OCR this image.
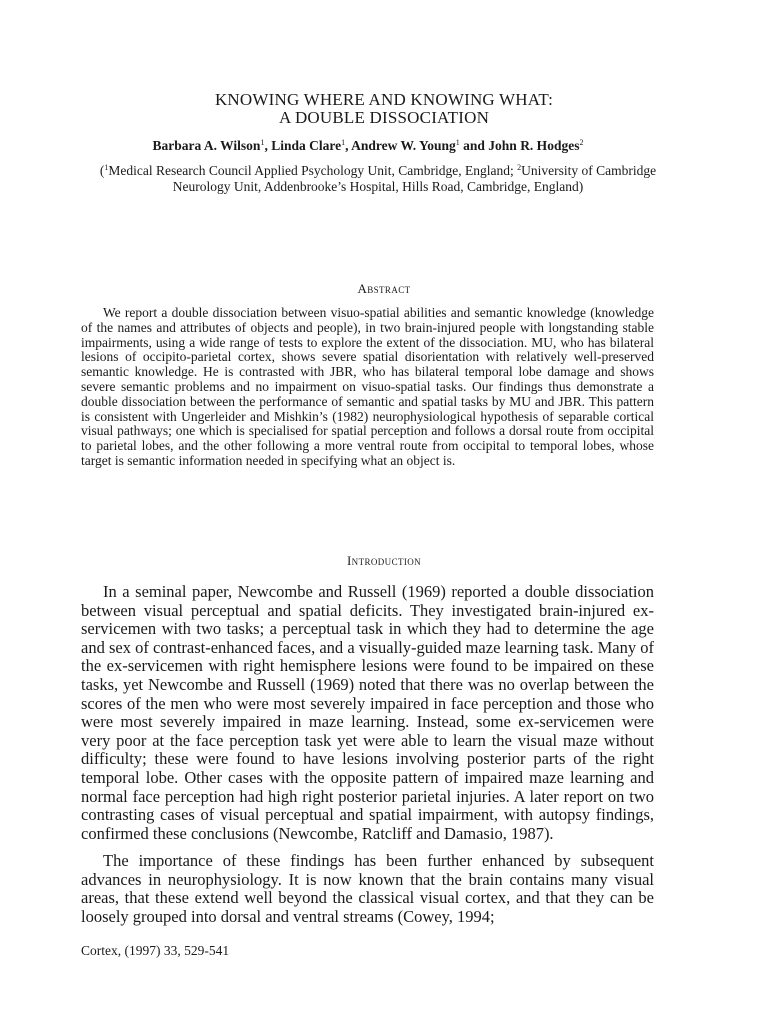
KNOWING WHERE AND KNOWING WHAT:
A DOUBLE DISSOCIATION
Barbara A. Wilson$^1$, Linda Clare$^1$, Andrew W. Young$^1$ and John R. Hodges$^2$
($^1$Medical Research Council Applied Psychology Unit, Cambridge, England; $^2$University of Cambridge Neurology Unit, Addenbrooke’s Hospital, Hills Road, Cambridge, England)
Abstract

We report a double dissociation between visuo-spatial abilities and semantic knowledge (knowledge of the names and attributes of objects and people), in two brain-injured people with longstanding stable impairments, using a wide range of tests to explore the extent of the dissociation. MU, who has bilateral lesions of occipito-parietal cortex, shows severe spatial disorientation with relatively well-preserved semantic knowledge. He is contrasted with JBR, who has bilateral temporal lobe damage and shows severe semantic problems and no impairment on visuo-spatial tasks. Our findings thus demonstrate a double dissociation between the performance of semantic and spatial tasks by MU and JBR. This pattern is consistent with Ungerleider and Mishkin’s (1982) neurophysiological hypothesis of separable cortical visual pathways; one which is specialised for spatial perception and follows a dorsal route from occipital to parietal lobes, and the other following a more ventral route from occipital to temporal lobes, whose target is semantic information needed in specifying what an object is.

Introduction

In a seminal paper, Newcombe and Russell (1969) reported a double dissociation between visual perceptual and spatial deficits. They investigated brain-injured ex-servicemen with two tasks; a perceptual task in which they had to determine the age and sex of contrast-enhanced faces, and a visually-guided maze learning task. Many of the ex-servicemen with right hemisphere lesions were found to be impaired on these tasks, yet Newcombe and Russell (1969) noted that there was no overlap between the scores of the men who were most severely impaired in face perception and those who were most severely impaired in maze learning. Instead, some ex-servicemen were very poor at the face perception task yet were able to learn the visual maze without difficulty; these were found to have lesions involving posterior parts of the right temporal lobe. Other cases with the opposite pattern of impaired maze learning and normal face perception had high right posterior parietal injuries. A later report on two contrasting cases of visual perceptual and spatial impairment, with autopsy findings, confirmed these conclusions (Newcombe, Ratcliff and Damasio, 1987).

The importance of these findings has been further enhanced by subsequent advances in neurophysiology. It is now known that the brain contains many visual areas, that these extend well beyond the classical visual cortex, and that they can be loosely grouped into dorsal and ventral streams (Cowey, 1994;

Cortex, (1997) 33, 529-541
